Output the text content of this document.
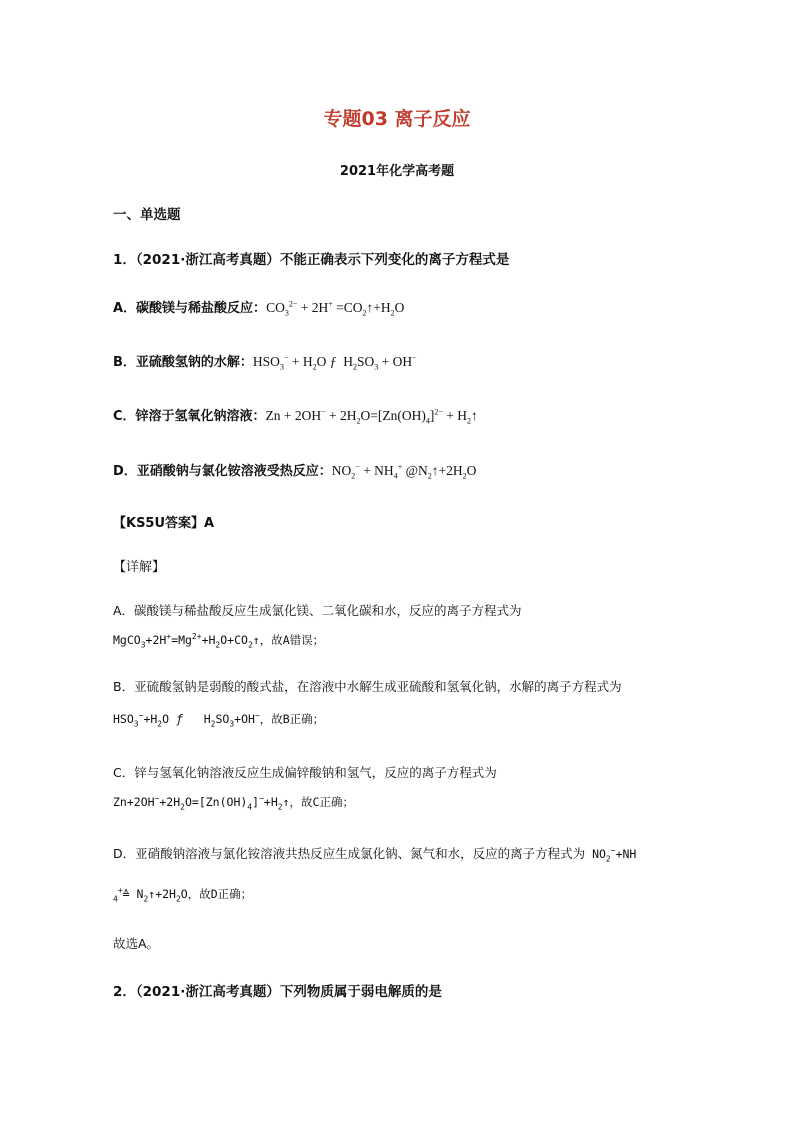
专题03 离子反应
2021年化学高考题
一、单选题
1．（2021·浙江高考真题）不能正确表示下列变化的离子方程式是
A．碳酸镁与稀盐酸反应：$CO_3^{2-} + 2H^+$ $=CO_2↑+H_2O$
B．亚硫酸氢钠的水解：$HSO_3^- + H_2O$ ƒ  $H_2SO_3 + OH^-$
C．锌溶于氢氧化钠溶液：$Zn + 2OH^- + 2H_2O=[Zn(OH)_4]^{2-}$ + $H_2↑$
D．亚硝酸钠与氯化铵溶液受热反应：$NO_2^- + NH_4^+$ $@N_2↑+2H_2O$
【KS5U答案】A
【详解】
A．碳酸镁与稀盐酸反应生成氯化镁、二氧化碳和水，反应的离子方程式为
$MgCO_3+2H^+=Mg^{2+}+H_2O+CO_2↑$，故A错误；
B．亚硫酸氢钠是弱酸的酸式盐，在溶液中水解生成亚硫酸和氢氧化钠，水解的离子方程式为
$HSO_3^-+H_2O$ ƒ   $H_2SO_3+OH^-$，故B正确；
C．锌与氢氧化钠溶液反应生成偏锌酸钠和氢气，反应的离子方程式为
$Zn+2OH^-+2H_2O=[Zn(OH)_4]^-+H_2↑$，故C正确；
D．亚硝酸钠溶液与氯化铵溶液共热反应生成氯化钠、氮气和水，反应的离子方程式为 $NO_2^-+NH$
$_4$+≙ $N_2↑+2H_2O$，故D正确；
故选A。
2．（2021·浙江高考真题）下列物质属于弱电解质的是
